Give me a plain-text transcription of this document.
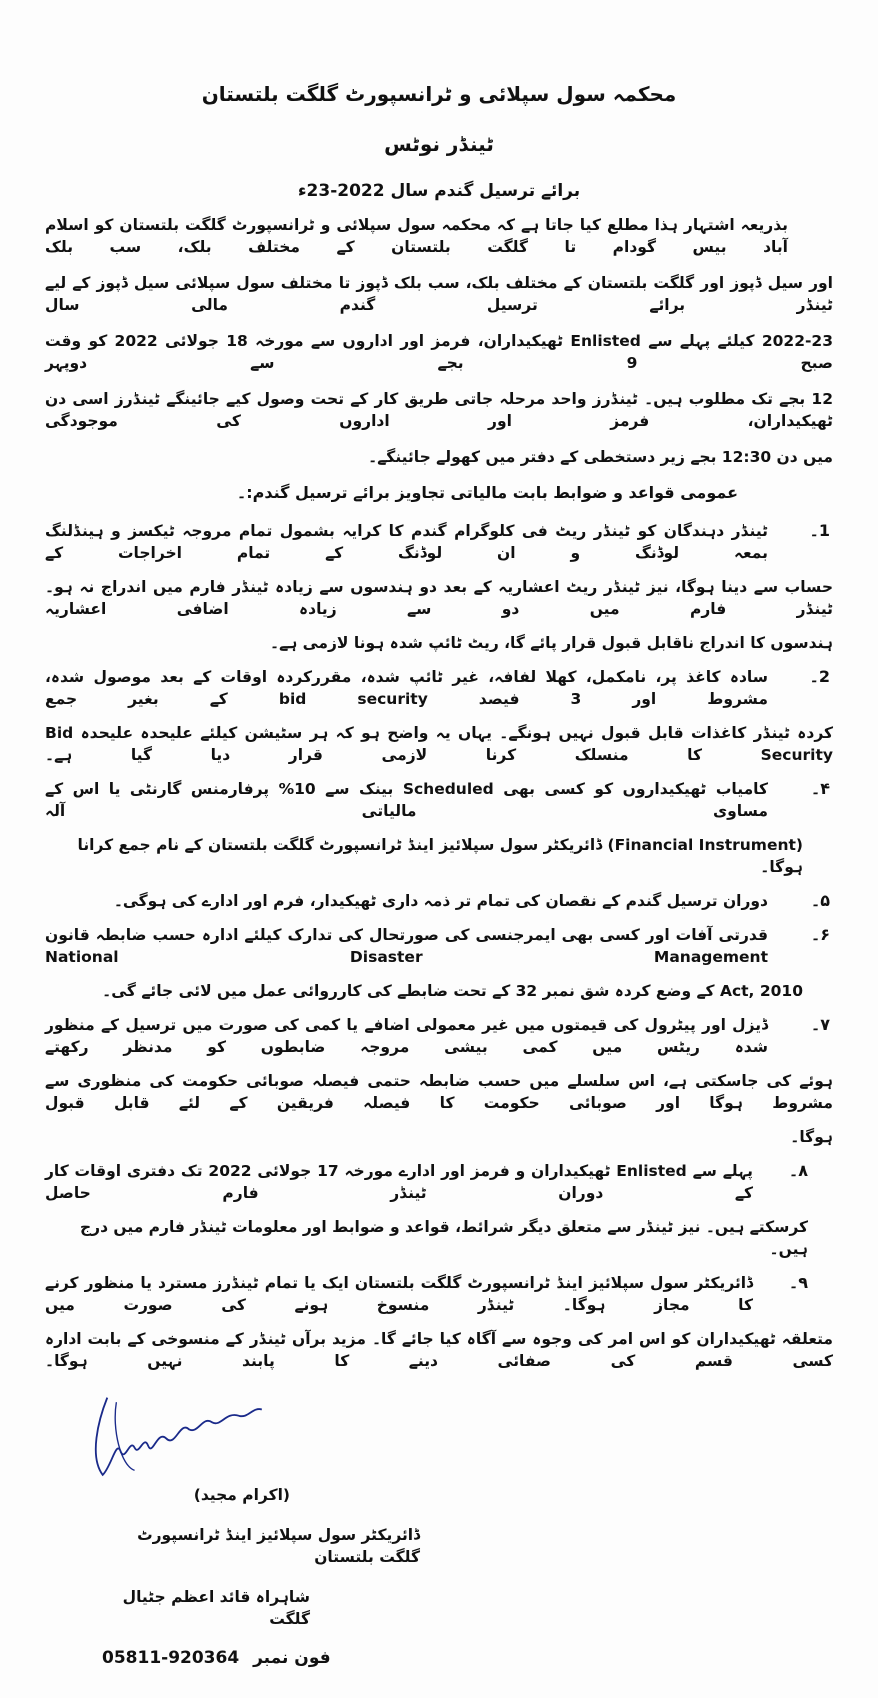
محکمہ سول سپلائی و ٹرانسپورٹ گلگت بلتستان
ٹینڈر نوٹس
برائے ترسیل گندم سال 2022-23ء
بذریعہ اشتہار ہذا مطلع کیا جاتا ہے کہ محکمہ سول سپلائی و ٹرانسپورٹ گلگت بلتستان کو اسلام آباد بیس گودام تا گلگت بلتستان کے مختلف بلک، سب بلک
اور سیل ڈپوز اور گلگت بلتستان کے مختلف بلک، سب بلک ڈپوز تا مختلف سول سپلائی سیل ڈپوز کے لیے ٹینڈر برائے ترسیل گندم مالی سال
2022-23 کیلئے پہلے سے Enlisted ٹھیکیداران، فرمز اور اداروں سے مورخہ 18 جولائی 2022 کو وقت صبح 9 بجے سے دوپہر
12 بجے تک مطلوب ہیں۔ ٹینڈرز واحد مرحلہ جاتی طریق کار کے تحت وصول کیے جائینگے ٹینڈرز اسی دن ٹھیکیداران، فرمز اور اداروں کی موجودگی
میں دن 12:30 بجے زیر دستخطی کے دفتر میں کھولے جائینگے۔
عمومی قواعد و ضوابط بابت مالیاتی تجاویز برائے ترسیل گندم:۔
1۔
ٹینڈر دہندگان کو ٹینڈر ریٹ فی کلوگرام گندم کا کرایہ بشمول تمام مروجہ ٹیکسز و ہینڈلنگ بمعہ لوڈنگ و ان لوڈنگ کے تمام اخراجات کے
حساب سے دینا ہوگا، نیز ٹینڈر ریٹ اعشاریہ کے بعد دو ہندسوں سے زیادہ ٹینڈر فارم میں اندراج نہ ہو۔ ٹینڈر فارم میں دو سے زیادہ اضافی اعشاریہ
ہندسوں کا اندراج ناقابل قبول قرار پائے گا، ریٹ ٹائپ شدہ ہونا لازمی ہے۔
2۔
سادہ کاغذ پر، نامکمل، کھلا لفافہ، غیر ٹائپ شدہ، مقررکردہ اوقات کے بعد موصول شدہ، مشروط اور 3 فیصد bid security کے بغیر جمع
کردہ ٹینڈر کاغذات قابل قبول نہیں ہونگے۔ یہاں یہ واضح ہو کہ ہر سٹیشن کیلئے علیحدہ علیحدہ Bid Security کا منسلک کرنا لازمی قرار دیا گیا ہے۔
۴۔
کامیاب ٹھیکیداروں کو کسی بھی Scheduled بینک سے 10% پرفارمنس گارنٹی یا اس کے مساوی مالیاتی آلہ
(Financial Instrument) ڈائریکٹر سول سپلائیز اینڈ ٹرانسپورٹ گلگت بلتستان کے نام جمع کرانا ہوگا۔
۵۔
دوران ترسیل گندم کے نقصان کی تمام تر ذمہ داری ٹھیکیدار، فرم اور ادارے کی ہوگی۔
۶۔
قدرتی آفات اور کسی بھی ایمرجنسی کی صورتحال کی تدارک کیلئے ادارہ حسب ضابطہ قانون National Disaster Management
Act, 2010 کے وضع کردہ شق نمبر 32 کے تحت ضابطے کی کارروائی عمل میں لائی جائے گی۔
۷۔
ڈیزل اور پیٹرول کی قیمتوں میں غیر معمولی اضافے یا کمی کی صورت میں ترسیل کے منظور شدہ ریٹس میں کمی بیشی مروجہ ضابطوں کو مدنظر رکھتے
ہوئے کی جاسکتی ہے، اس سلسلے میں حسب ضابطہ حتمی فیصلہ صوبائی حکومت کی منظوری سے مشروط ہوگا اور صوبائی حکومت کا فیصلہ فریقین کے لئے قابل قبول
ہوگا۔
۸۔
پہلے سے Enlisted ٹھیکیداران و فرمز اور ادارے مورخہ 17 جولائی 2022 تک دفتری اوقات کار کے دوران ٹینڈر فارم حاصل
کرسکتے ہیں۔ نیز ٹینڈر سے متعلق دیگر شرائط، قواعد و ضوابط اور معلومات ٹینڈر فارم میں درج ہیں۔
۹۔
ڈائریکٹر سول سپلائیز اینڈ ٹرانسپورٹ گلگت بلتستان ایک یا تمام ٹینڈرز مسترد یا منظور کرنے کا مجاز ہوگا۔ ٹینڈر منسوخ ہونے کی صورت میں
متعلقہ ٹھیکیداران کو اس امر کی وجوہ سے آگاہ کیا جائے گا۔ مزید برآں ٹینڈر کے منسوخی کے بابت ادارہ کسی قسم کی صفائی دینے کا پابند نہیں ہوگا۔
(اکرام مجید)
ڈائریکٹر سول سپلائیز اینڈ ٹرانسپورٹ گلگت بلتستان
شاہراہ قائد اعظم جٹیال گلگت
05811-920364 فون نمبر
